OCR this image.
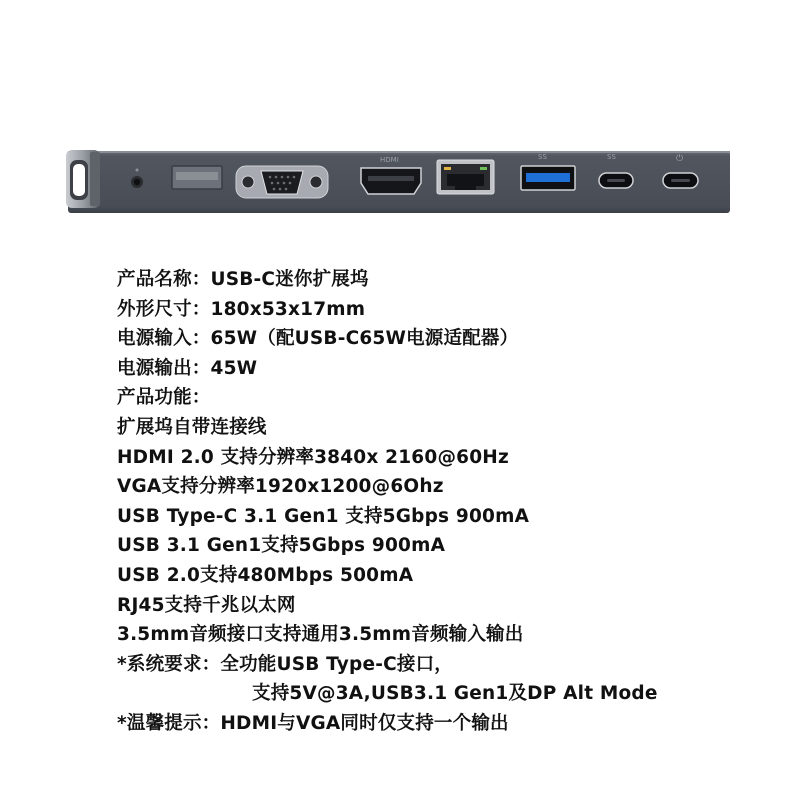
HDMI	SS	SS	⏻
产品名称：USB-C迷你扩展坞
外形尺寸：180x53x17mm
电源输入：65W（配USB-C65W电源适配器）
电源输出：45W
产品功能：
扩展坞自带连接线
HDMI 2.0 支持分辨率3840x 2160@60Hz
VGA支持分辨率1920x1200@6Ohz
USB Type-C 3.1 Gen1 支持5Gbps 900mA
USB 3.1 Gen1支持5Gbps 900mA
USB 2.0支持480Mbps 500mA
RJ45支持千兆以太网
3.5mm音频接口支持通用3.5mm音频输入输出
*系统要求：全功能USB Type-C接口，
支持5V@3A,USB3.1 Gen1及DP Alt Mode
*温馨提示：HDMI与VGA同时仅支持一个输出
